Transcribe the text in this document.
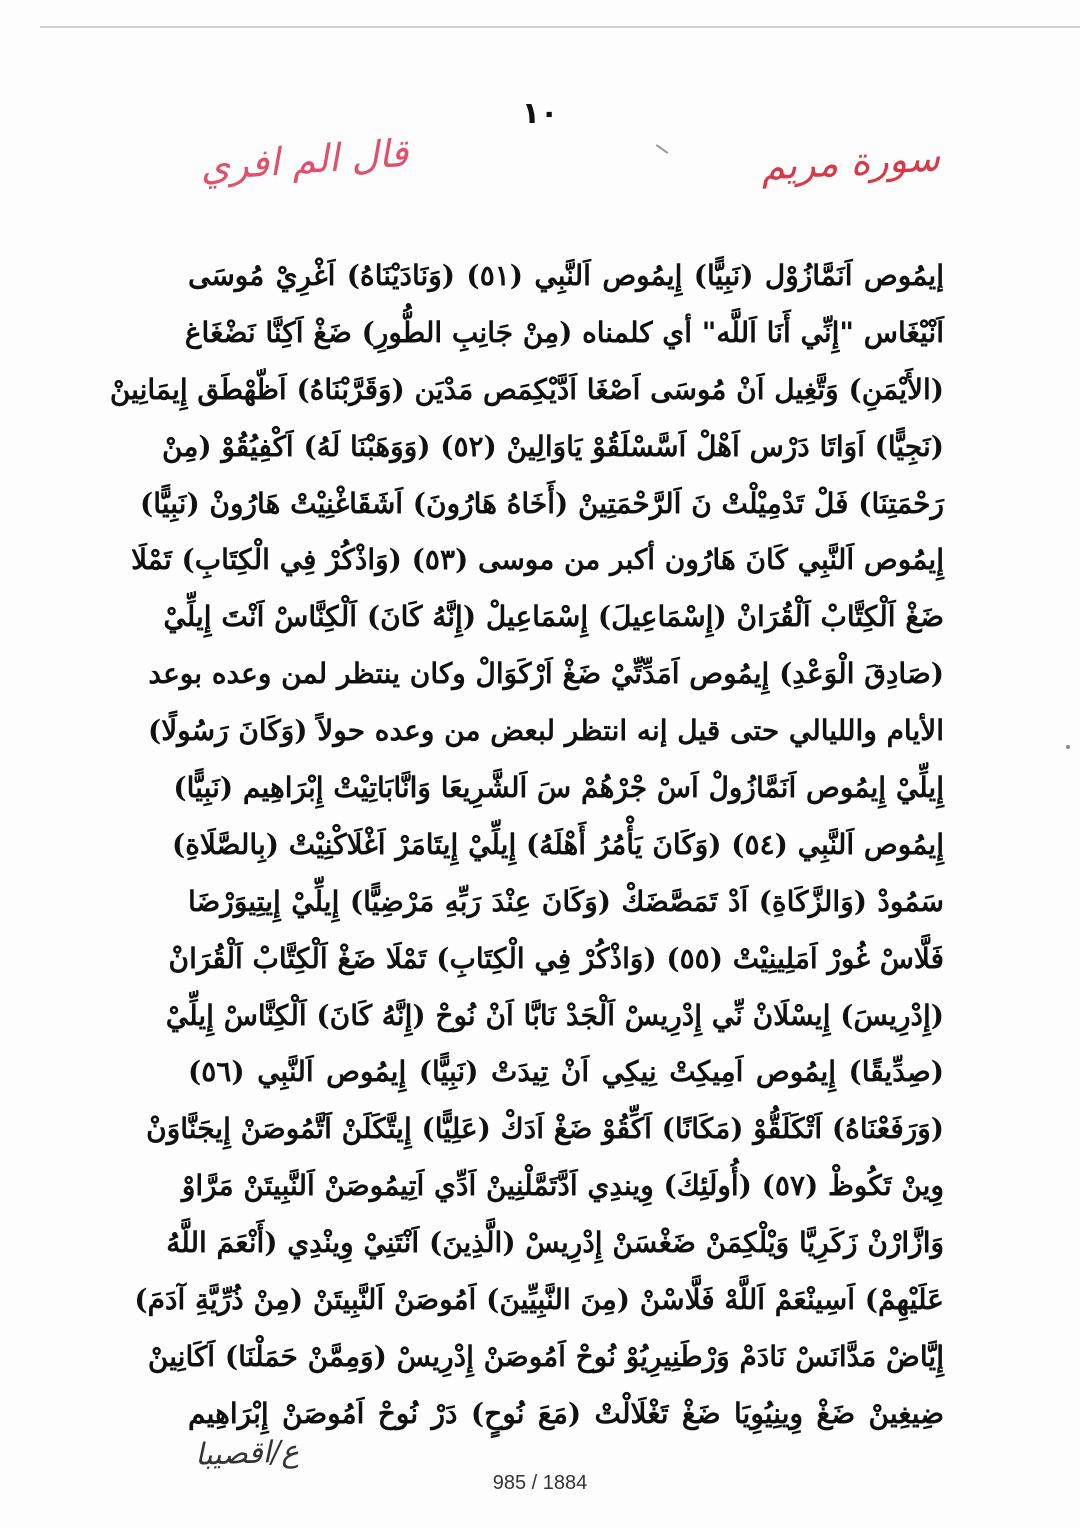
١٠
سورة مريم
قال الم افري
إيمُوص اَنَمَّازُوْل (نَبِيًّا) إِيمُوص اَلنَّبِي (٥١) (وَنَادَيْنَاهُ) اَغْرِيْ مُوسَى
اَنْيْغَاس "إِنِّي أَنَا اَللَّه" أي كلمناه (مِنْ جَانِبِ الطُّورِ) ضَغْ اَكِنَّا نَضْغَاغ
(الأَيْمَنِ) وَتَّغِيل اَنْ مُوسَى اَصْغَا اَدَّيْكِمَص مَدْيَن (وَقَرَّبْنَاهُ) اَظّهْطَق إِيمَانِينْ
(نَجِيًّا) اَوَاتَا دَرْس اَهْلْ اَسَّسْلَقُوْ يَاوَالِينْ (٥٢) (وَوَهَبْنَا لَهُ) اَكْفِيُقُوْ (مِنْ
رَحْمَتِنَا) فَلْ تَدْمِيْلْتْ نَ اَلرَّحْمَتِينْ (أَخَاهُ هَارُونَ) اَشَقَاغْنِيْتْ هَارُونْ (نَبِيًّا)
إِيمُوص اَلنَّبِي كَانَ هَارُون أكبر من موسى (٥٣) (وَاذْكُرْ فِي الْكِتَابِ) تَمْلَا
ضَغْ اَلْكِتَّابْ اَلْقُرَانْ (إِسْمَاعِيلَ) إِسْمَاعِيلْ (إِنَّهُ كَانَ) اَلْكِنَّاسْ اَنْتَ إِيلِّيْ
(صَادِقَ الْوَعْدِ) إِيمُوص اَمَدِّتِّيْ ضَغْ اَرْكَوَالْ وكان ينتظر لمن وعده بوعد
الأيام والليالي حتى قيل إنه انتظر لبعض من وعده حولاً (وَكَانَ رَسُولًا)
إِيلِّيْ إِيمُوص اَنَمَّازُولْ اَسْ جْرْهُمْ سَ اَلشَّرِيعَا وَانَّابَاتِيْتْ إِبْرَاهِيم (نَبِيًّا)
إِيمُوص اَلنَّبِي (٥٤) (وَكَانَ يَأْمُرُ أَهْلَهُ) إِيلِّيْ إِيتَامَرْ اَغْلَاكْنِيْتْ (بِالصَّلَاةِ)
سَمُودْ (وَالزَّكَاةِ) اَدْ تَمَصَّضَكْ (وَكَانَ عِنْدَ رَبِّهِ مَرْضِيًّا) إِيلِّيْ إِيتِيوَرْضَا
فَلَّاسْ غُورْ اَمَلِينِيْتْ (٥٥) (وَاذْكُرْ فِي الْكِتَابِ) تَمْلَا ضَغْ اَلْكِتَّابْ اَلْقُرَانْ
(إِدْرِيسَ) إِيسْلَانْ نِّي إِدْرِيسْ اَلْجَدْ نَابَّا اَنْ نُوحْ (إِنَّهُ كَانَ) اَلْكِنَّاسْ إِيلِّيْ
(صِدِّيقًا) إِيمُوص اَمِيكِتْ نِيكِي اَنْ تِيدَتْ (نَبِيًّا) إِيمُوص اَلنَّبِي (٥٦)
(وَرَفَعْنَاهُ) اَتْكَلَقُّوْ (مَكَانًا) اَكِّقُوْ ضَغْ اَدَكْ (عَلِيًّا) إِيتَّكَلَنْ اَتَّمُوصَنْ إِيجَنَّاوَنْ
وِينْ تَكُوظْ (٥٧) (أُولَئِكَ) وِيندِي اَدَّتَمَّلْنِينْ اَدِّي اَتِيمُوصَنْ اَلنَّبِيتَنْ مَرَّاوْ
وَازَّارْنْ زَكَرِيَّا وَيْلْكِمَنْ ضَغْسَنْ إِدْرِيسْ (الَّذِينَ) اَنْتَنِيْ وِينْدِي (أَنْعَمَ اللَّهُ
عَلَيْهِمْ) اَسِينْعَمْ اَللَّهْ فَلَّاسْنْ (مِنَ النَّبِيِّينَ) اَمُوصَنْ اَلنَّبِيتَنْ (مِنْ ذُرِّيَّةِ آدَمَ)
إِيَّاضْ مَدَّانَسْ نَادَمْ وَرْطَنِيرِيُوْ نُوحْ اَمُوصَنْ إِدْرِيسْ (وَمِمَّنْ حَمَلْنَا) اَكَانِينْ
ضِيغِينْ ضَغْ وِينِيُوِيَا ضَغْ تَغْلَالْتْ (مَعَ نُوحٍ) دَرْ نُوحْ اَمُوصَنْ إِبْرَاهِيم
ع/اقصيبا
985 / 1884
